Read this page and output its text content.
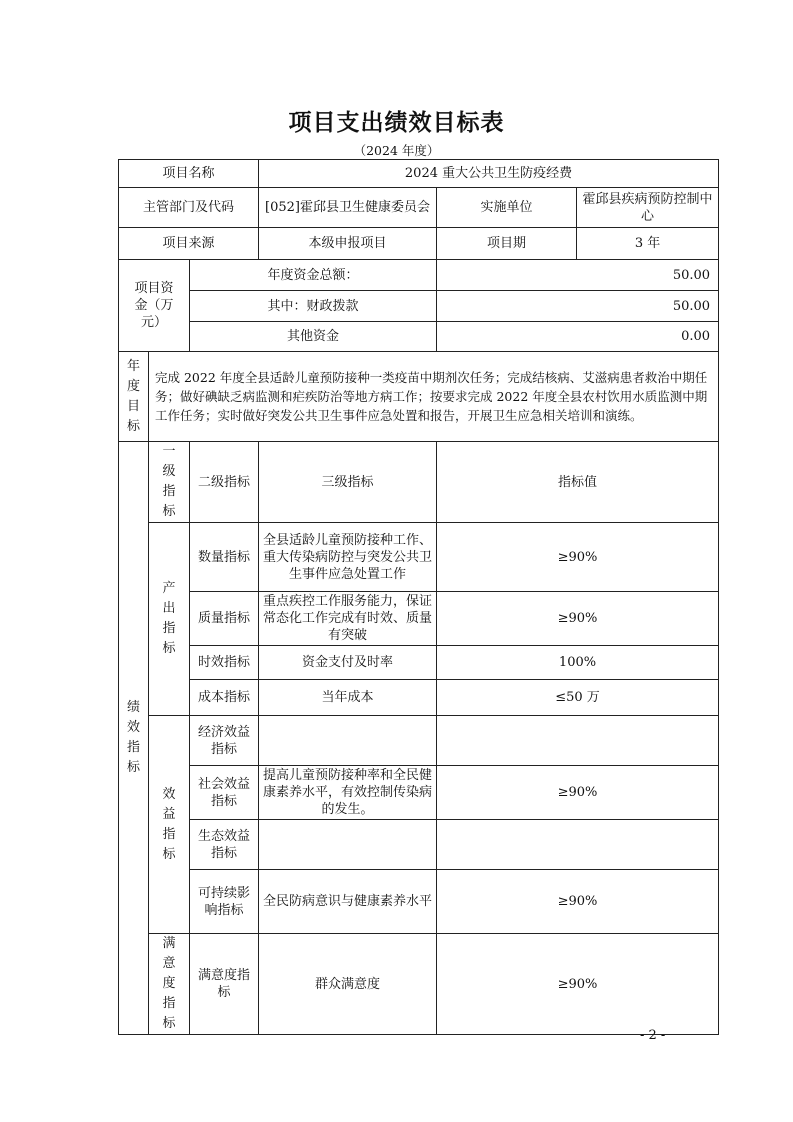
项目支出绩效目标表
（2024 年度）
项目名称			2024 重大公共卫生防疫经费		
主管部门及代码			[052]霍邱县卫生健康委员会	实施单位	霍邱县疾病预防控制中心
项目来源			本级申报项目	项目期	3 年
项目资金（万元）		年度资金总额：		50.00	
		其中：财政拨款		50.00	
		其他资金		0.00	

年度目标	完成 2022 年度全县适龄儿童预防接种一类疫苗中期剂次任务；完成结核病、艾滋病患者救治中期任务；做好碘缺乏病监测和疟疾防治等地方病工作；按要求完成 2022 年度全县农村饮用水质监测中期工作任务；实时做好突发公共卫生事件应急处置和报告，开展卫生应急相关培训和演练。				

绩效指标	一级指标	二级指标	三级指标	指标值	

	产出指标	数量指标	全县适龄儿童预防接种工作、重大传染病防控与突发公共卫生事件应急处置工作	≥90%	
		质量指标	重点疾控工作服务能力，保证常态化工作完成有时效、质量有突破	≥90%	
		时效指标	资金支付及时率	100%	
		成本指标	当年成本	≤50 万	

	效益指标	经济效益指标			
		社会效益指标	提高儿童预防接种率和全民健康素养水平，有效控制传染病的发生。	≥90%	
		生态效益指标			
		可持续影响指标	全民防病意识与健康素养水平	≥90%	

	满意度指标	满意度指标	群众满意度	≥90%	
- 2 -
